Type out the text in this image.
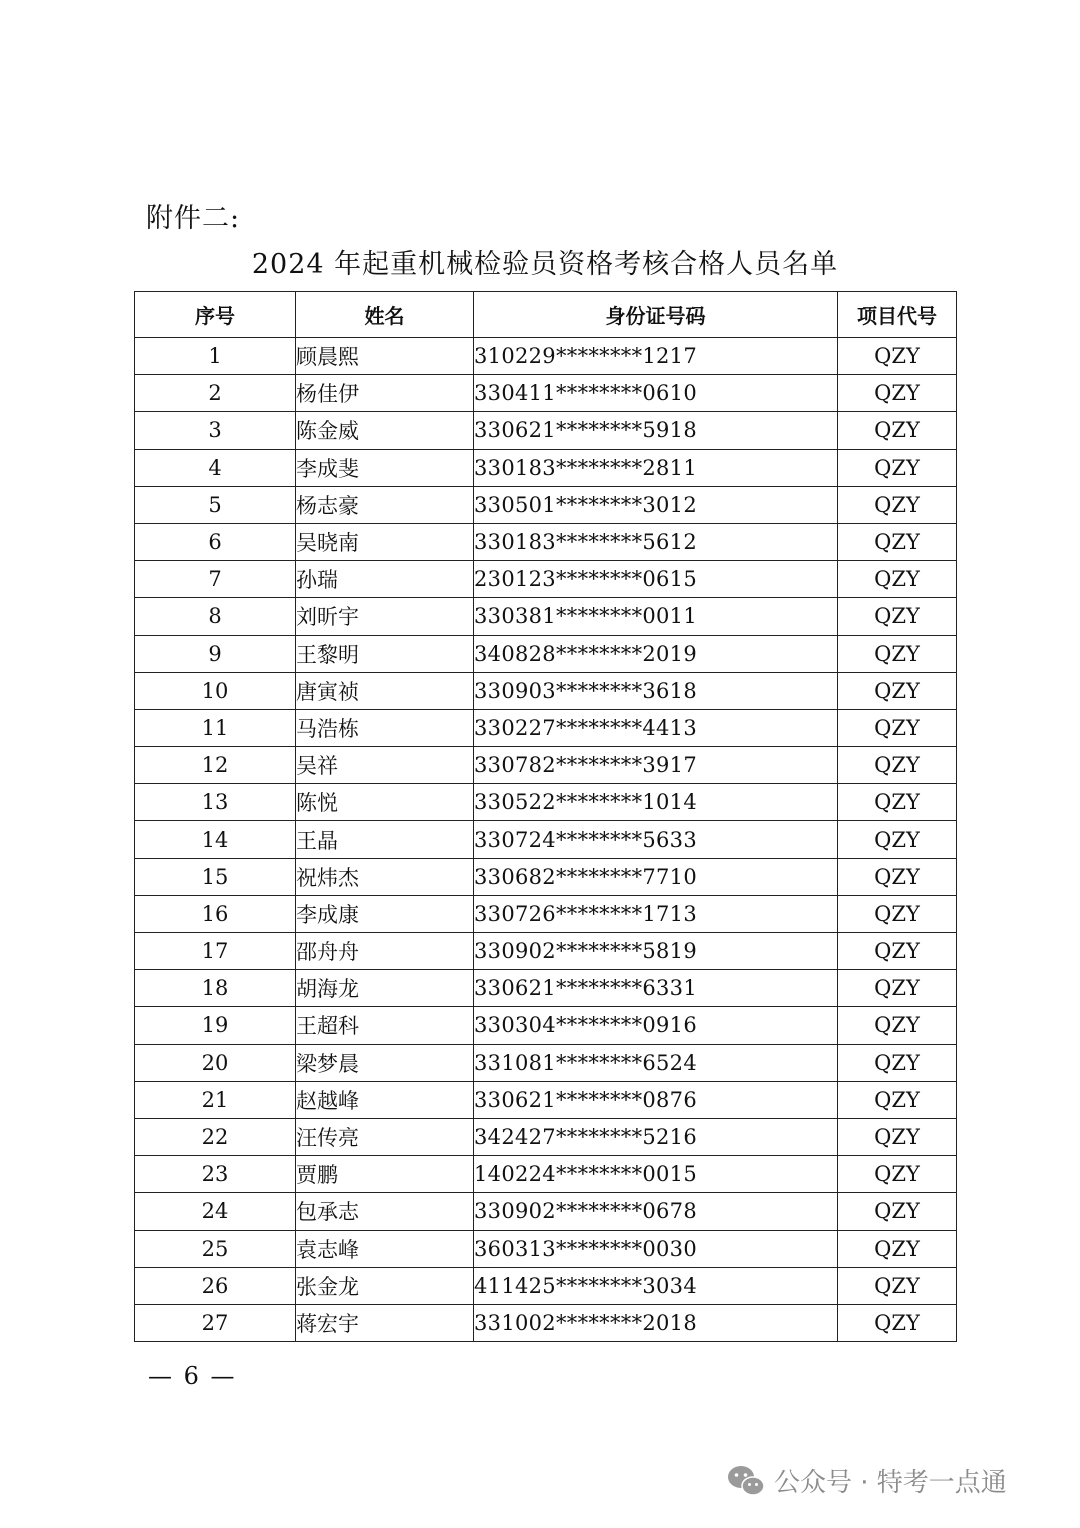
附件二:
2024 年起重机械检验员资格考核合格人员名单
序号	姓名	身份证号码	项目代号
1	顾晨熙	310229********1217	QZY
2	杨佳伊	330411********0610	QZY
3	陈金威	330621********5918	QZY
4	李成斐	330183********2811	QZY
5	杨志豪	330501********3012	QZY
6	吴晓南	330183********5612	QZY
7	孙瑞	230123********0615	QZY
8	刘昕宇	330381********0011	QZY
9	王黎明	340828********2019	QZY
10	唐寅祯	330903********3618	QZY
11	马浩栋	330227********4413	QZY
12	吴祥	330782********3917	QZY
13	陈悦	330522********1014	QZY
14	王晶	330724********5633	QZY
15	祝炜杰	330682********7710	QZY
16	李成康	330726********1713	QZY
17	邵舟舟	330902********5819	QZY
18	胡海龙	330621********6331	QZY
19	王超科	330304********0916	QZY
20	梁梦晨	331081********6524	QZY
21	赵越峰	330621********0876	QZY
22	汪传亮	342427********5216	QZY
23	贾鹏	140224********0015	QZY
24	包承志	330902********0678	QZY
25	袁志峰	360313********0030	QZY
26	张金龙	411425********3034	QZY
27	蒋宏宇	331002********2018	QZY
— 6 —
公众号 · 特考一点通
